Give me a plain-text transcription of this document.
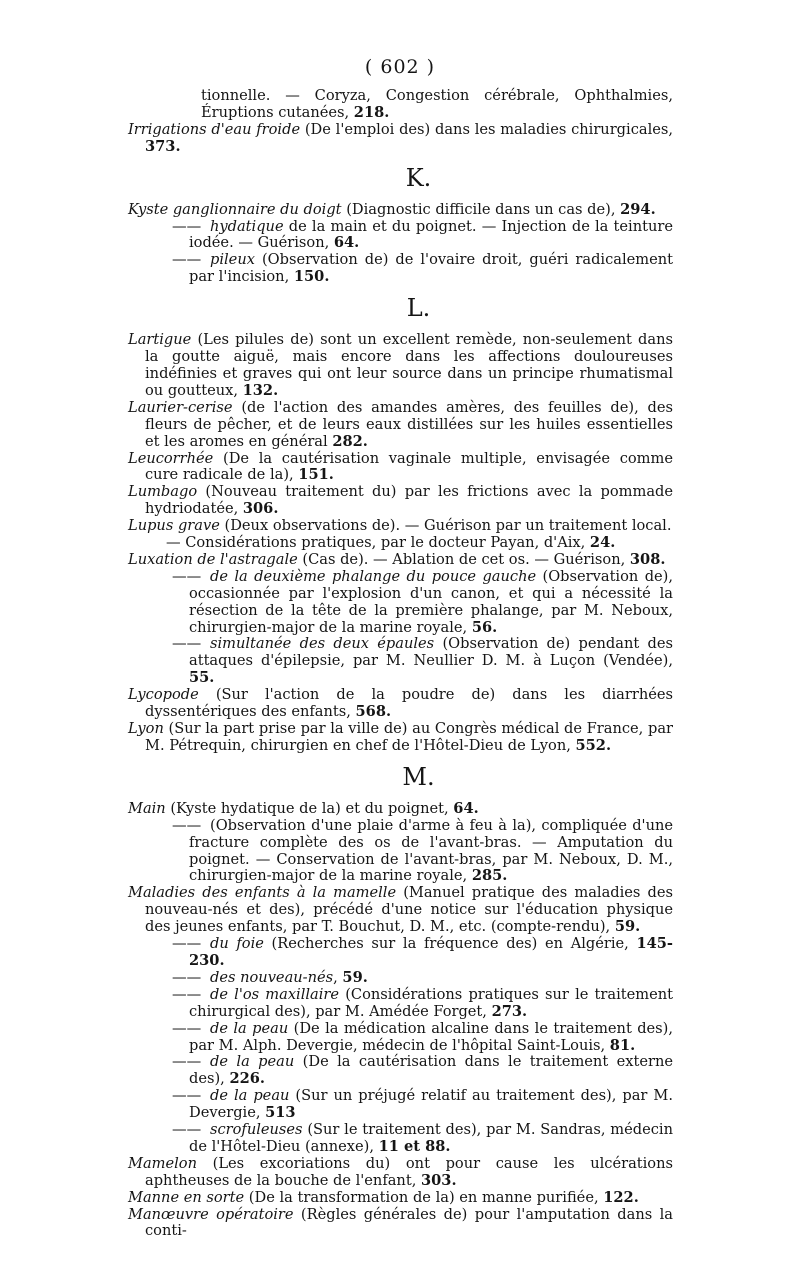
( 602 )
tionnelle. — Coryza, Congestion cérébrale, Ophthalmies, Éruptions cutanées, 218.
Irrigations d'eau froide (De l'emploi des) dans les maladies chirurgicales, 373.
K.
Kyste ganglionnaire du doigt (Diagnostic difficile dans un cas de), 294.
—— hydatique de la main et du poignet. — Injection de la teinture iodée. — Guérison, 64.
—— pileux (Observation de) de l'ovaire droit, guéri radicalement par l'incision, 150.
L.
Lartigue (Les pilules de) sont un excellent remède, non-seulement dans la goutte aiguë, mais encore dans les affections douloureuses indéfinies et graves qui ont leur source dans un principe rhumatismal ou goutteux, 132.
Laurier-cerise (de l'action des amandes amères, des feuilles de), des fleurs de pêcher, et de leurs eaux distillées sur les huiles essentielles et les aromes en général 282.
Leucorrhée (De la cautérisation vaginale multiple, envisagée comme cure radicale de la), 151.
Lumbago (Nouveau traitement du) par les frictions avec la pommade hydriodatée, 306.
Lupus grave (Deux observations de). — Guérison par un traitement local.
— Considérations pratiques, par le docteur Payan, d'Aix, 24.
Luxation de l'astragale (Cas de). — Ablation de cet os. — Guérison, 308.
—— de la deuxième phalange du pouce gauche (Observation de), occasionnée par l'explosion d'un canon, et qui a nécessité la résection de la tête de la première phalange, par M. Neboux, chirurgien-major de la marine royale, 56.
—— simultanée des deux épaules (Observation de) pendant des attaques d'épilepsie, par M. Neullier D. M. à Luçon (Vendée), 55.
Lycopode (Sur l'action de la poudre de) dans les diarrhées dyssentériques des enfants, 568.
Lyon (Sur la part prise par la ville de) au Congrès médical de France, par M. Pétrequin, chirurgien en chef de l'Hôtel-Dieu de Lyon, 552.
M.
Main (Kyste hydatique de la) et du poignet, 64.
—— (Observation d'une plaie d'arme à feu à la), compliquée d'une fracture complète des os de l'avant-bras. — Amputation du poignet. — Conservation de l'avant-bras, par M. Neboux, D. M., chirurgien-major de la marine royale, 285.
Maladies des enfants à la mamelle (Manuel pratique des maladies des nouveau-nés et des), précédé d'une notice sur l'éducation physique des jeunes enfants, par T. Bouchut, D. M., etc. (compte-rendu), 59.
—— du foie (Recherches sur la fréquence des) en Algérie, 145-230.
—— des nouveau-nés, 59.
—— de l'os maxillaire (Considérations pratiques sur le traitement chirurgical des), par M. Amédée Forget, 273.
—— de la peau (De la médication alcaline dans le traitement des), par M. Alph. Devergie, médecin de l'hôpital Saint-Louis, 81.
—— de la peau (De la cautérisation dans le traitement externe des), 226.
—— de la peau (Sur un préjugé relatif au traitement des), par M. Devergie, 513
—— scrofuleuses (Sur le traitement des), par M. Sandras, médecin de l'Hôtel-Dieu (annexe), 11 et 88.
Mamelon (Les excoriations du) ont pour cause les ulcérations aphtheuses de la bouche de l'enfant, 303.
Manne en sorte (De la transformation de la) en manne purifiée, 122.
Manœuvre opératoire (Règles générales de) pour l'amputation dans la conti-
